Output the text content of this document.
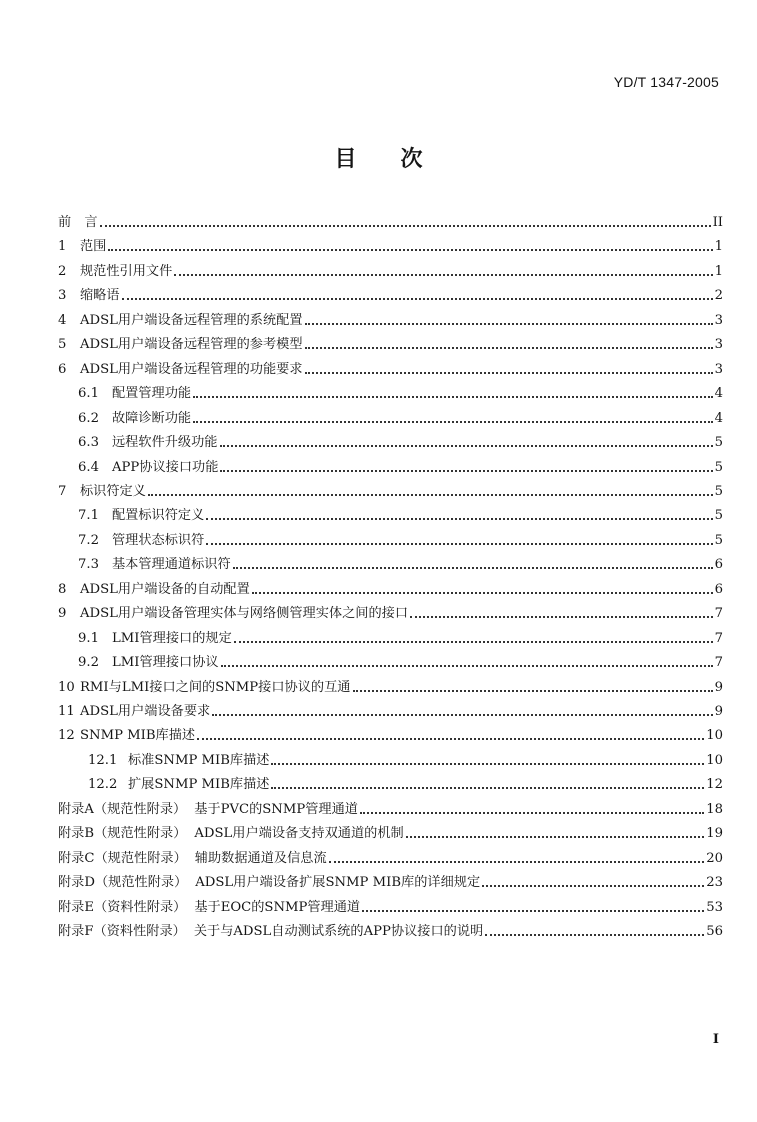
YD/T 1347-2005
目 次
前　言	II
1	范围	1
2	规范性引用文件	1
3	缩略语	2
4	ADSL用户端设备远程管理的系统配置	3
5	ADSL用户端设备远程管理的参考模型	3
6	ADSL用户端设备远程管理的功能要求	3
6.1 配置管理功能	4
6.2 故障诊断功能	4
6.3 远程软件升级功能	5
6.4 APP协议接口功能	5
7	标识符定义	5
7.1 配置标识符定义	5
7.2 管理状态标识符	5
7.3 基本管理通道标识符	6
8	ADSL用户端设备的自动配置	6
9	ADSL用户端设备管理实体与网络侧管理实体之间的接口	7
9.1 LMI管理接口的规定	7
9.2 LMI管理接口协议	7
10 RMI与LMI接口之间的SNMP接口协议的互通	9
11 ADSL用户端设备要求	9
12 SNMP MIB库描述	10
12.1 标准SNMP MIB库描述	10
12.2 扩展SNMP MIB库描述	12
附录A（规范性附录） 基于PVC的SNMP管理通道	18
附录B（规范性附录） ADSL用户端设备支持双通道的机制	19
附录C（规范性附录） 辅助数据通道及信息流	20
附录D（规范性附录） ADSL用户端设备扩展SNMP MIB库的详细规定	23
附录E（资料性附录） 基于EOC的SNMP管理通道	53
附录F（资料性附录） 关于与ADSL自动测试系统的APP协议接口的说明	56
I
